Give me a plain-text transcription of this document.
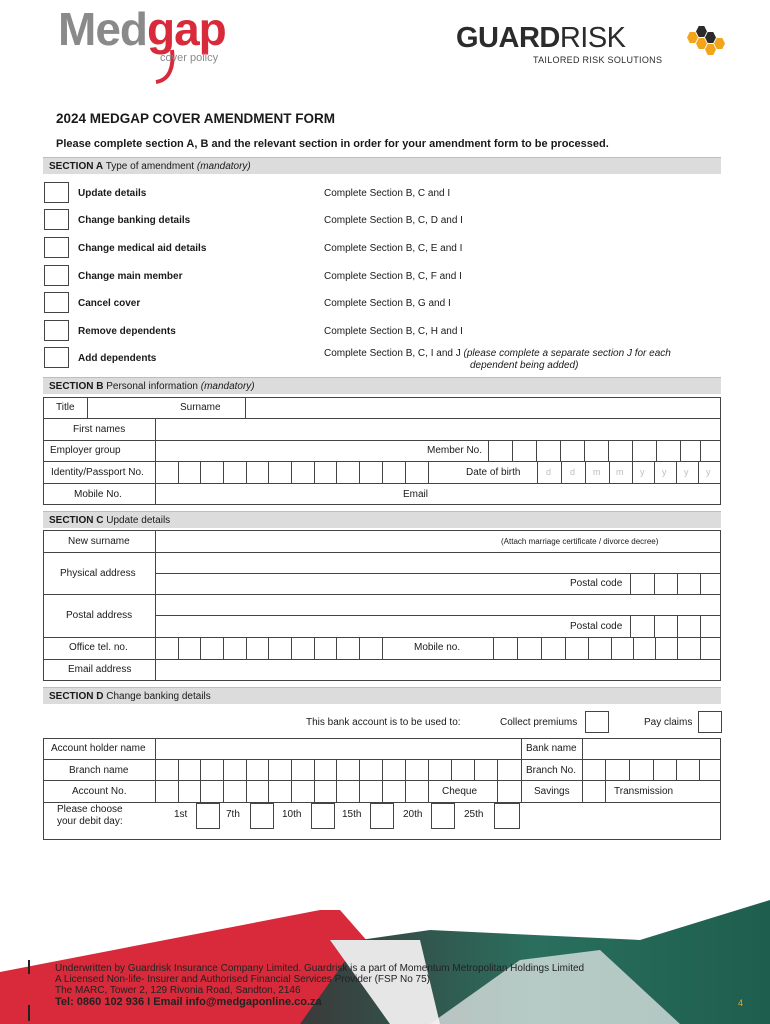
Medgap
cover policy
GUARDRISK
TAILORED RISK SOLUTIONS
2024 MEDGAP COVER AMENDMENT FORM
Please complete section A, B and the relevant section in order for your amendment form to be processed.
SECTION A Type of amendment (mandatory)
Update details	Complete Section B, C and I
Change banking details	Complete Section B, C, D and I
Change medical aid details	Complete Section B, C, E and I
Change main member	Complete Section B, C, F and I
Cancel cover	Complete Section B, G and I
Remove dependents	Complete Section B, C, H and I
Add dependents	Complete Section B, C, I and J (please complete a separate section J for each
dependent being added)
SECTION B Personal information (mandatory)
Title	Surname
First names
Employer group	Member No.
Identity/Passport No.	Date of birth	d d m m y y y y
Mobile No.	Email
SECTION C Update details
New surname	(Attach marriage certificate / divorce decree)
Physical address
Postal code
Postal address
Postal code
Office tel. no.	Mobile no.
Email address
SECTION D Change banking details
This bank account is to be used to:	Collect premiums	Pay claims
Account holder name	Bank name
Branch name	Branch No.
Account No.	Cheque	Savings	Transmission
Please choose
your debit day:
1st	7th	10th	15th	20th	25th
Underwritten by Guardrisk Insurance Company Limited. Guardrisk is a part of Momentum Metropolitan Holdings Limited
A Licensed Non-life- Insurer and Authorised Financial Services Provider (FSP No 75)
The MARC, Tower 2, 129 Rivonia Road, Sandton, 2146
Tel: 0860 102 936 I Email info@medgaponline.co.za	4
